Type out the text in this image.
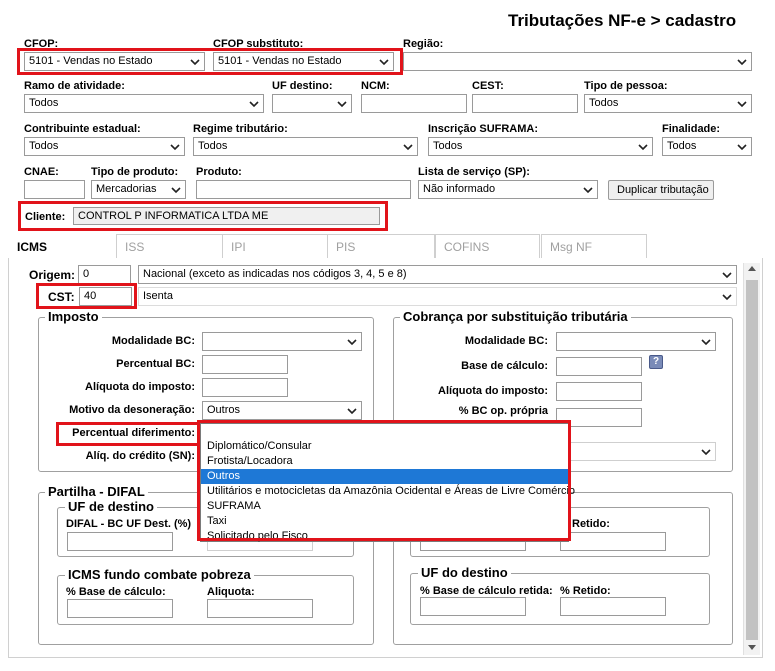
Tributações NF-e > cadastro
CFOP:
5101 - Vendas no Estado
CFOP substituto:
5101 - Vendas no Estado
Região:
Ramo de atividade:
Todos
UF destino:	NCM:	CEST:	Tipo de pessoa:
Todos
Contribuinte estadual:
Todos
Regime tributário:
Todos
Inscrição SUFRAMA:
Todos
Finalidade:
Todos
CNAE:	Tipo de produto:
Mercadorias
Produto:	Lista de serviço (SP):
Não informado	Duplicar tributação
Cliente:	CONTROL P INFORMATICA LTDA ME
ICMS	ISS	IPI	PIS	COFINS	Msg NF
Origem: 0	Nacional (exceto as indicadas nos códigos 3, 4, 5 e 8)
CST: 40	Isenta
Imposto
Modalidade BC:
Percentual BC:
Alíquota do imposto:
Motivo da desoneração:	Outros
Percentual diferimento:
Alíq. do crédito (SN):
Cobrança por substituição tributária
Modalidade BC:
Base de cálculo:	?
Alíquota do imposto:
% BC op. própria
Partilha - DIFAL
UF de destino
DIFAL - BC UF Dest. (%)
ICMS fundo combate pobreza
% Base de cálculo:	Aliquota:
Retido:
UF do destino
% Base de cálculo retida: % Retido:
Diplomático/Consular
Frotista/Locadora
Outros
Utilitários e motocicletas da Amazônia Ocidental e Áreas de Livre Comércio
SUFRAMA
Taxi
Solicitado pelo Fisco
